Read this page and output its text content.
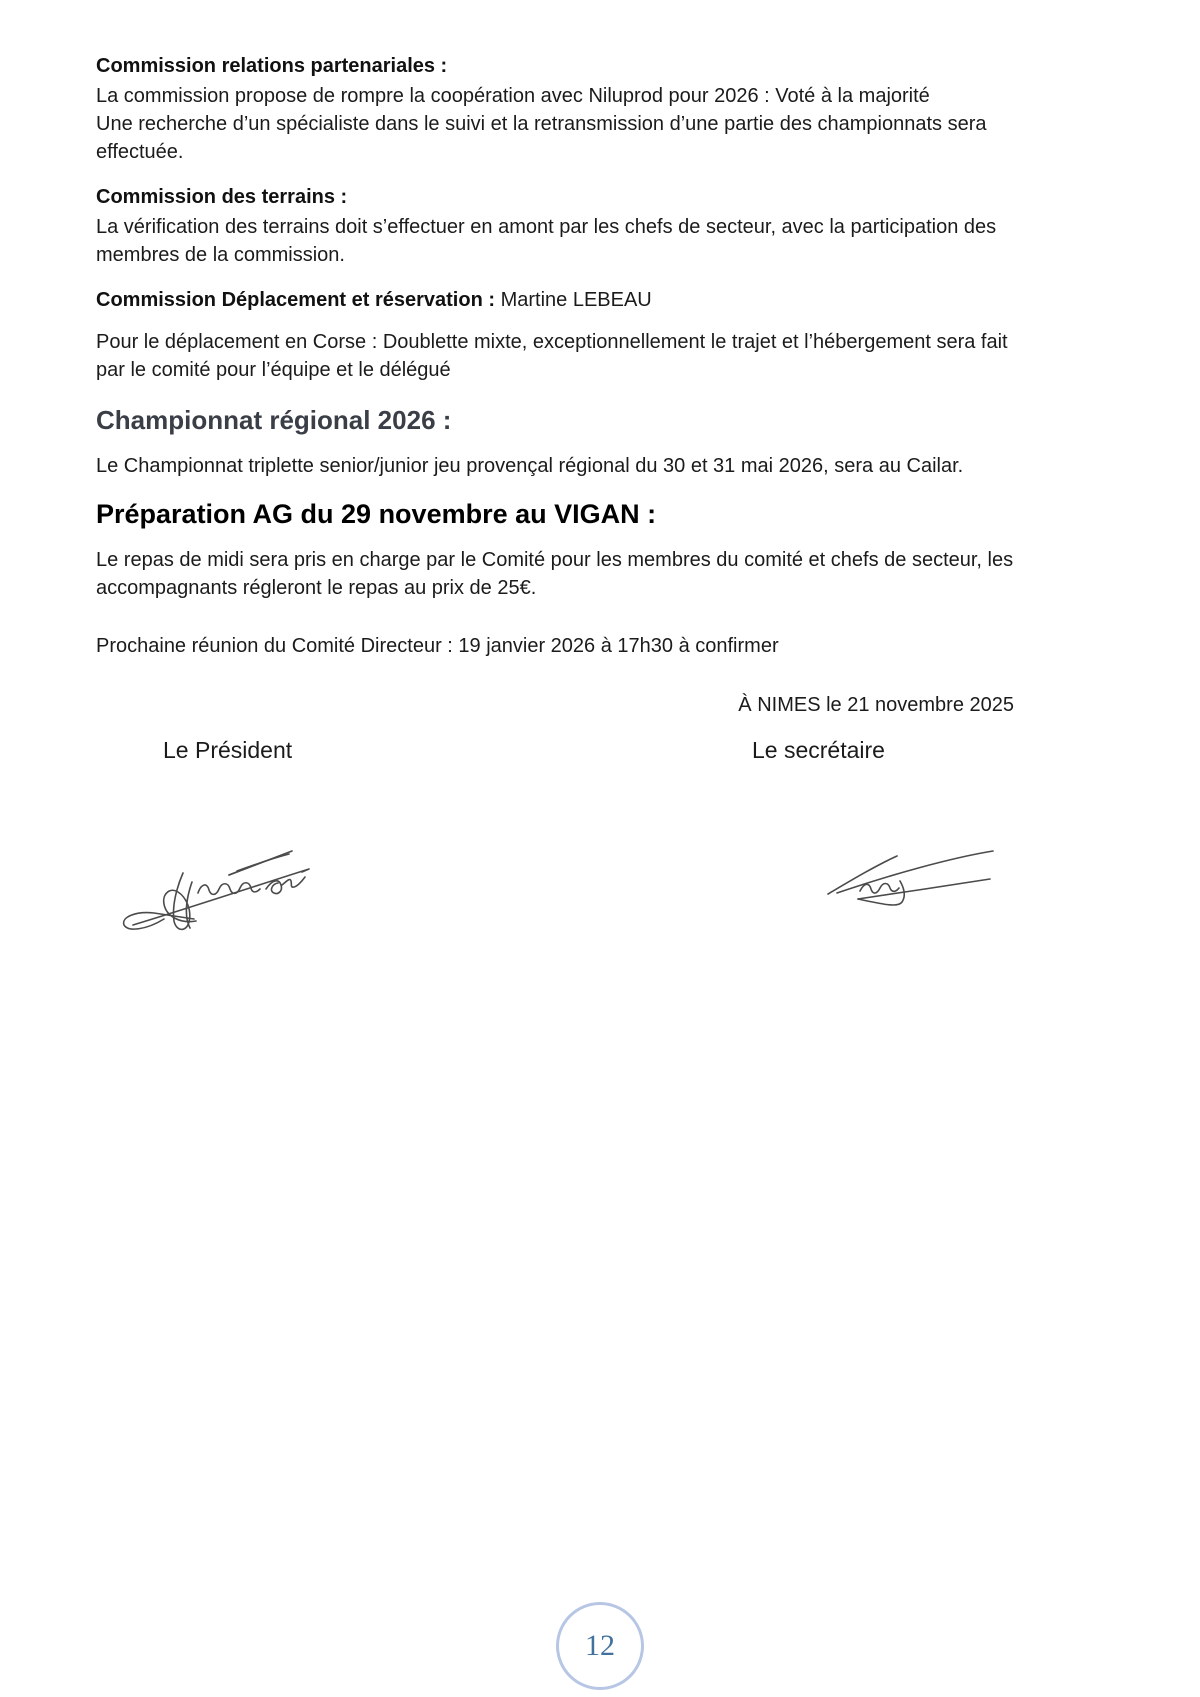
Commission relations partenariales :

La commission propose de rompre la coopération avec Niluprod pour 2026 : Voté à la majorité
Une recherche d’un spécialiste dans le suivi et la retransmission d’une partie des championnats sera effectuée.

Commission des terrains :

La vérification des terrains doit s’effectuer en amont par les chefs de secteur, avec la participation des membres de la commission.

Commission Déplacement et réservation : Martine LEBEAU

Pour le déplacement en Corse : Doublette mixte, exceptionnellement le trajet et l’hébergement sera fait par le comité pour l’équipe et le délégué

Championnat régional 2026 :

Le Championnat triplette senior/junior jeu provençal régional du 30 et 31 mai 2026, sera au Cailar.

Préparation AG du 29 novembre au VIGAN :

Le repas de midi sera pris en charge par le Comité pour les membres du comité et chefs de secteur, les accompagnants régleront le repas au prix de 25€.

Prochaine réunion du Comité Directeur : 19 janvier 2026 à 17h30 à confirmer

À NIMES le 21 novembre 2025

Le Président	Le secrétaire
12
